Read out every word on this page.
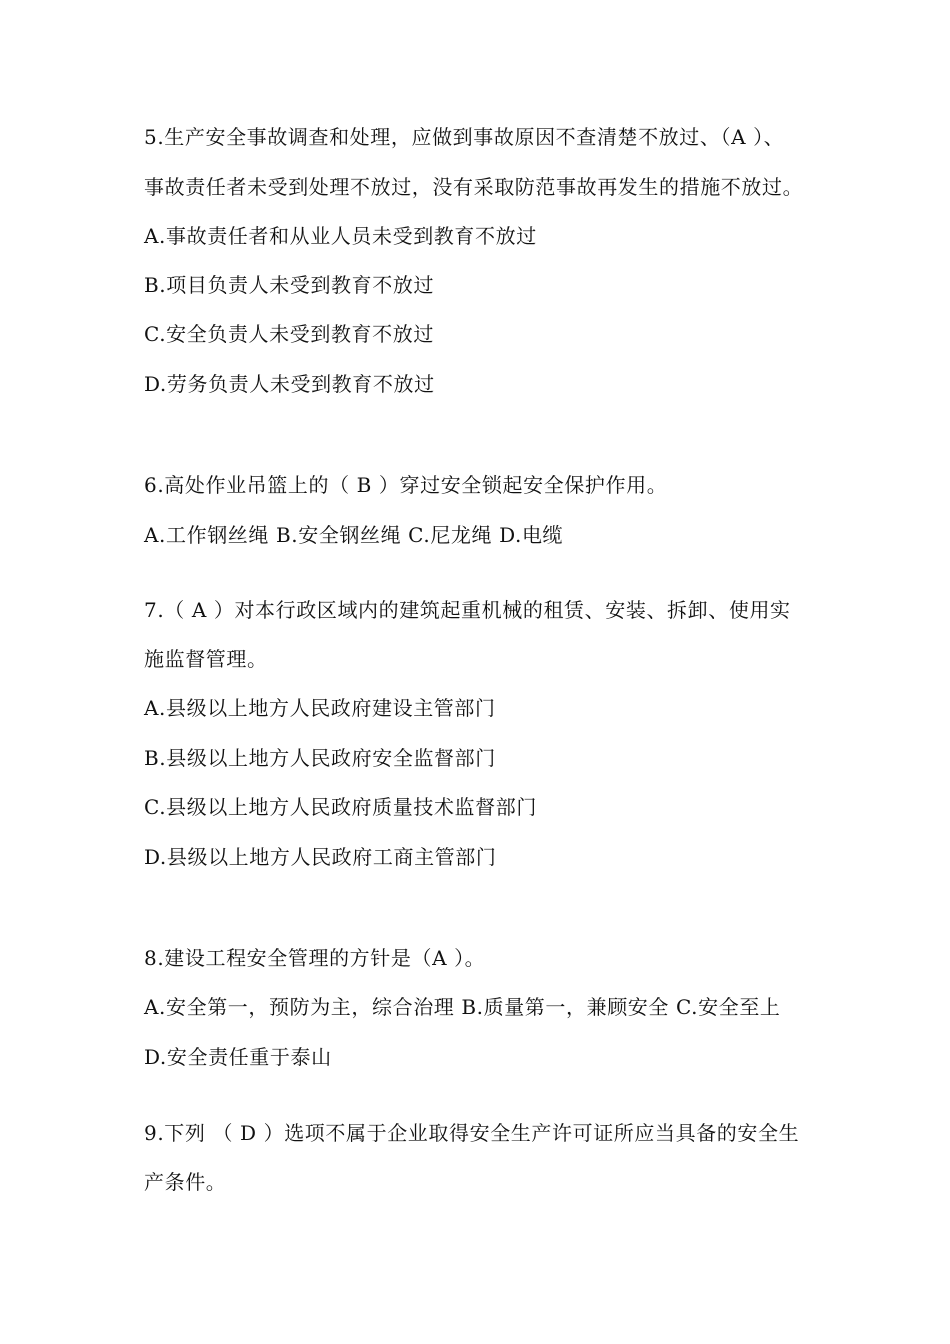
5.生产安全事故调查和处理，应做到事故原因不查清楚不放过、（A ）、
事故责任者未受到处理不放过，没有采取防范事故再发生的措施不放过。
A.事故责任者和从业人员未受到教育不放过
B.项目负责人未受到教育不放过
C.安全负责人未受到教育不放过
D.劳务负责人未受到教育不放过
6.高处作业吊篮上的（ B ）穿过安全锁起安全保护作用。
A.工作钢丝绳 B.安全钢丝绳 C.尼龙绳 D.电缆
7.（ A ）对本行政区域内的建筑起重机械的租赁、安装、拆卸、使用实
施监督管理。
A.县级以上地方人民政府建设主管部门
B.县级以上地方人民政府安全监督部门
C.县级以上地方人民政府质量技术监督部门
D.县级以上地方人民政府工商主管部门
8.建设工程安全管理的方针是（A ）。
A.安全第一，预防为主，综合治理 B.质量第一，兼顾安全 C.安全至上
D.安全责任重于泰山
9.下列 （ D ）选项不属于企业取得安全生产许可证所应当具备的安全生
产条件。
